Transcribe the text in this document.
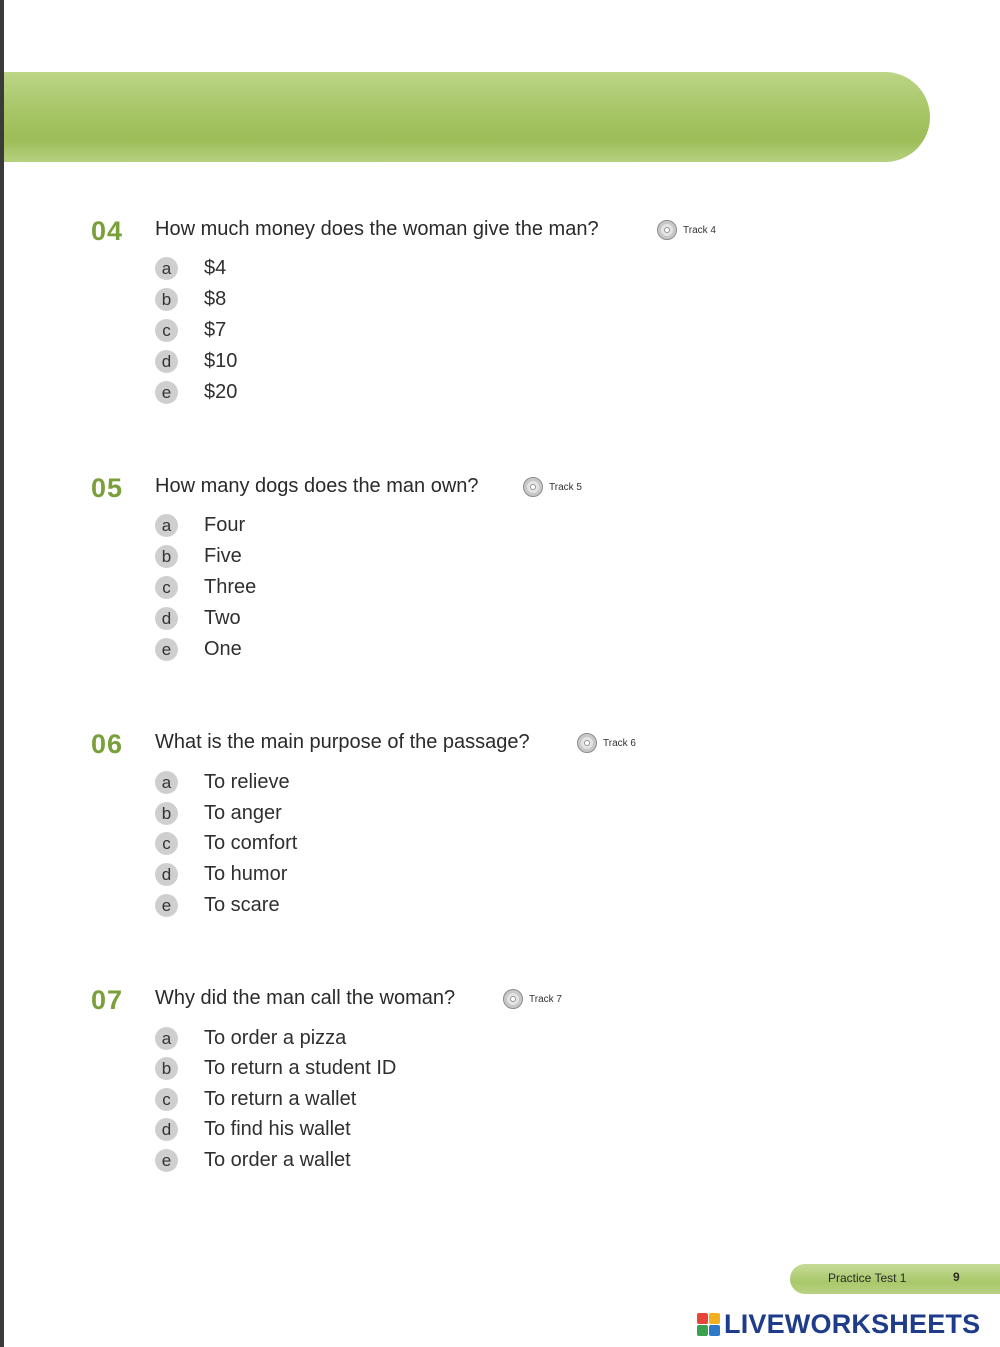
04 How much money does the woman give the man?	Track 4
a	$4
b	$8
c	$7
d	$10
e	$20
05 How many dogs does the man own?	Track 5
a	Four
b	Five
c	Three
d	Two
e	One
06 What is the main purpose of the passage?	Track 6
a	To relieve
b	To anger
c	To comfort
d	To humor
e	To scare
07 Why did the man call the woman?	Track 7
a	To order a pizza
b	To return a student ID
c	To return a wallet
d	To find his wallet
e	To order a wallet
Practice Test 1	9
LIVEWORKSHEETS
